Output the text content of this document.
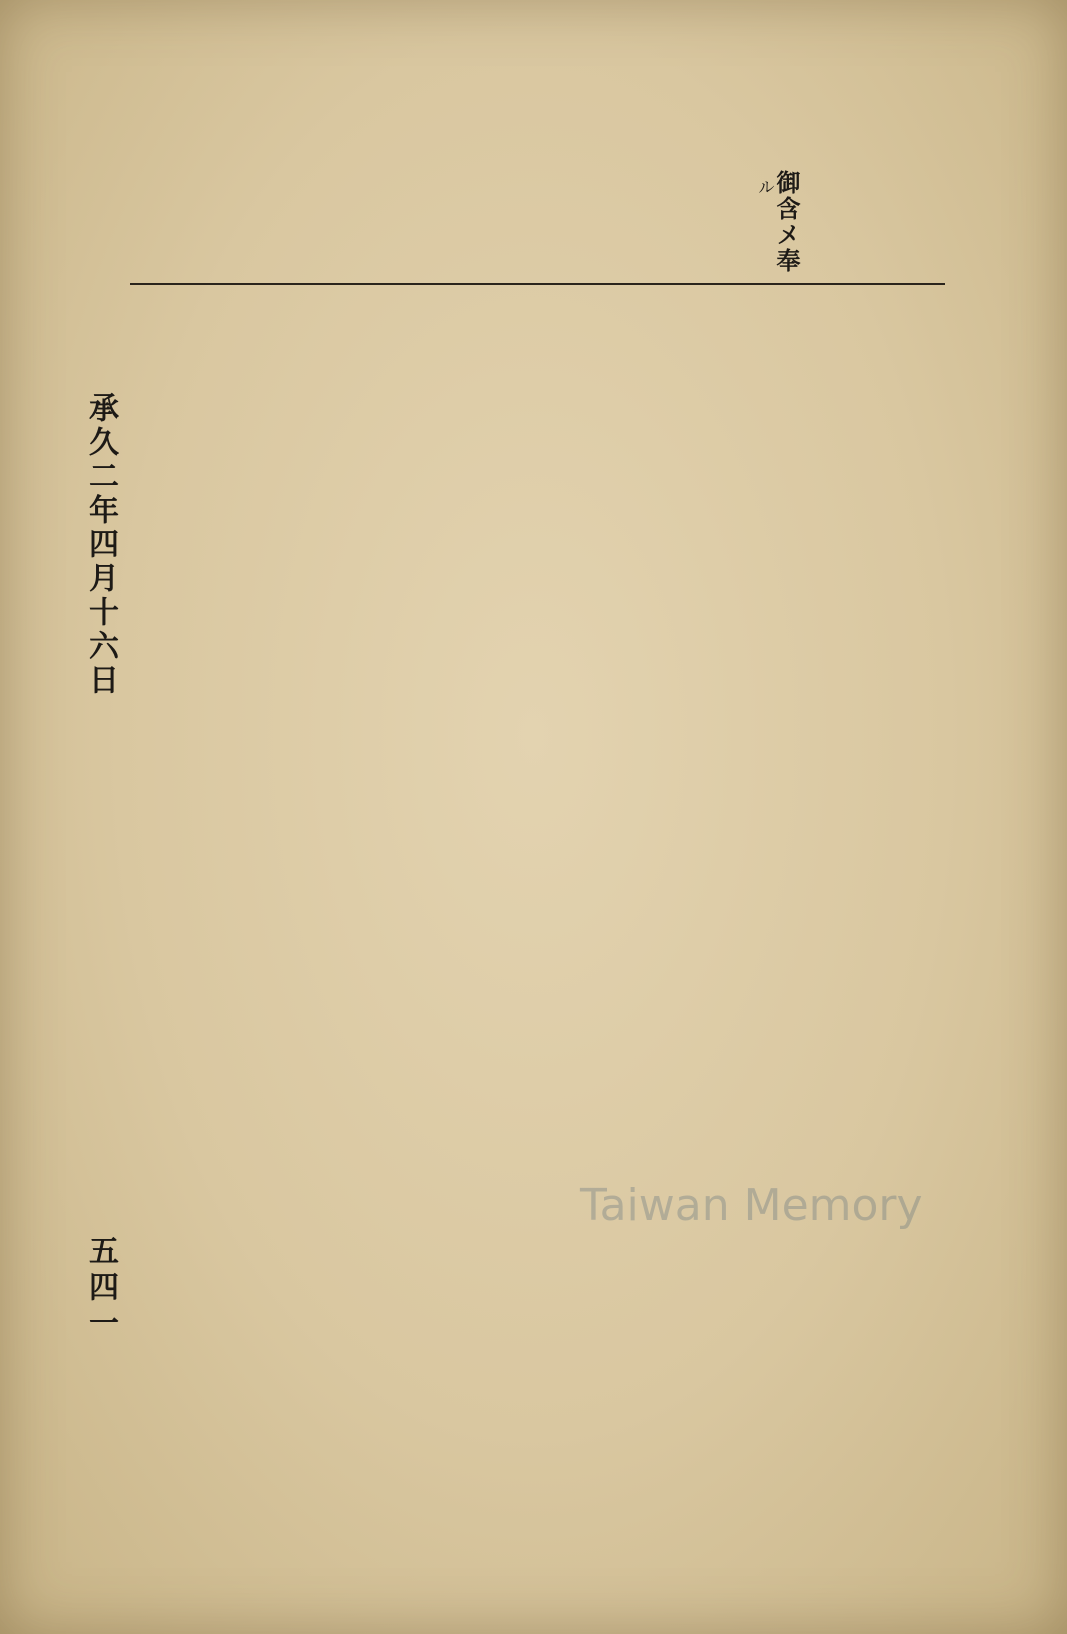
御含メ奉
ル
承久二年四月十六日
五四一
Taiwan Memory
